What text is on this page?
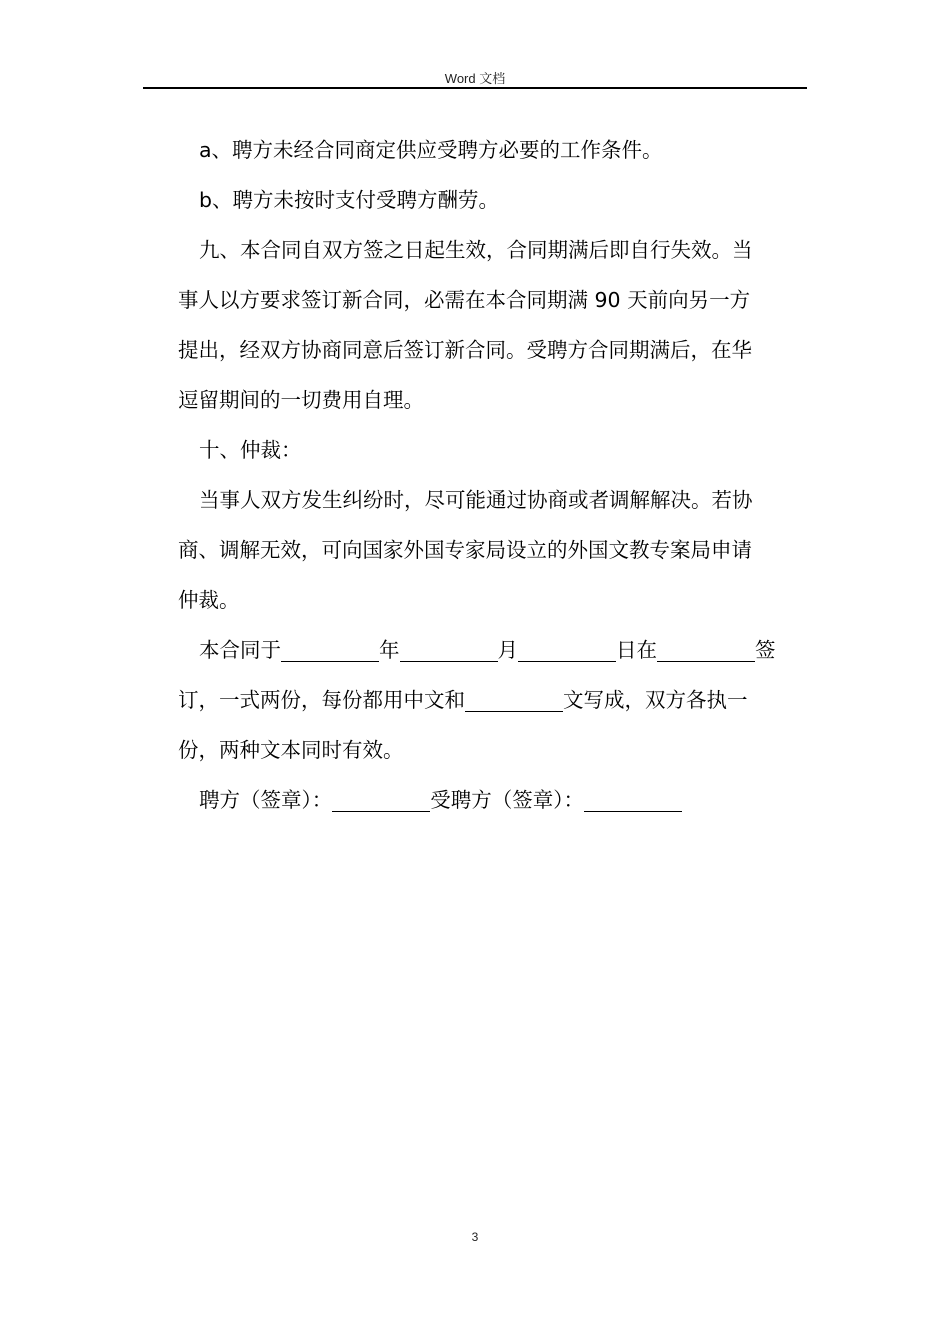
Word 文档

a、聘方未经合同商定供应受聘方必要的工作条件。

b、聘方未按时支付受聘方酬劳。

九、本合同自双方签之日起生效，合同期满后即自行失效。当

事人以方要求签订新合同，必需在本合同期满 90 天前向另一方

提出，经双方协商同意后签订新合同。受聘方合同期满后，在华

逗留期间的一切费用自理。

十、仲裁：

当事人双方发生纠纷时，尽可能通过协商或者调解解决。若协

商、调解无效，可向国家外国专家局设立的外国文教专案局申请

仲裁。

本合同于	年	月	日在	签

订，一式两份，每份都用中文和	文写成，双方各执一

份，两种文本同时有效。

聘方（签章）：	受聘方（签章）：

3
